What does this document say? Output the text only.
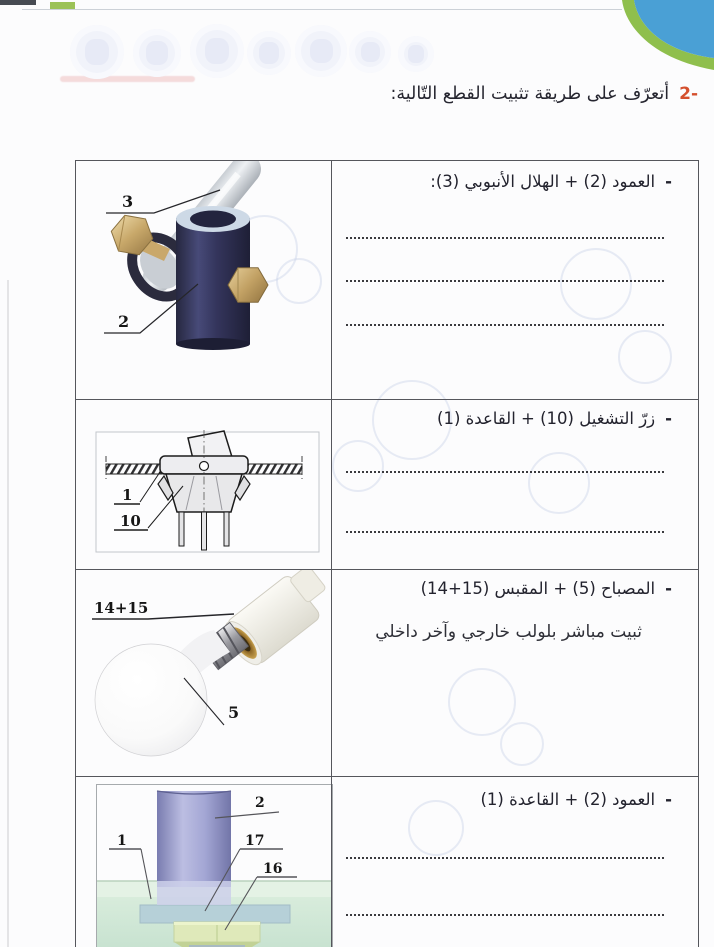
2-
أتعرّف على طريقة تثبيت القطع التّالية:
3
2
-
العمود (2) + الهلال الأنبوبي (3):
1
10
-
زرّ التشغيل (10) + القاعدة (1)
14+15
5
-
المصباح (5) + المقبس (15+14)
ثبيت مباشر بلولب خارجي وآخر داخلي
2
1	17
16
-
العمود (2) + القاعدة (1)
